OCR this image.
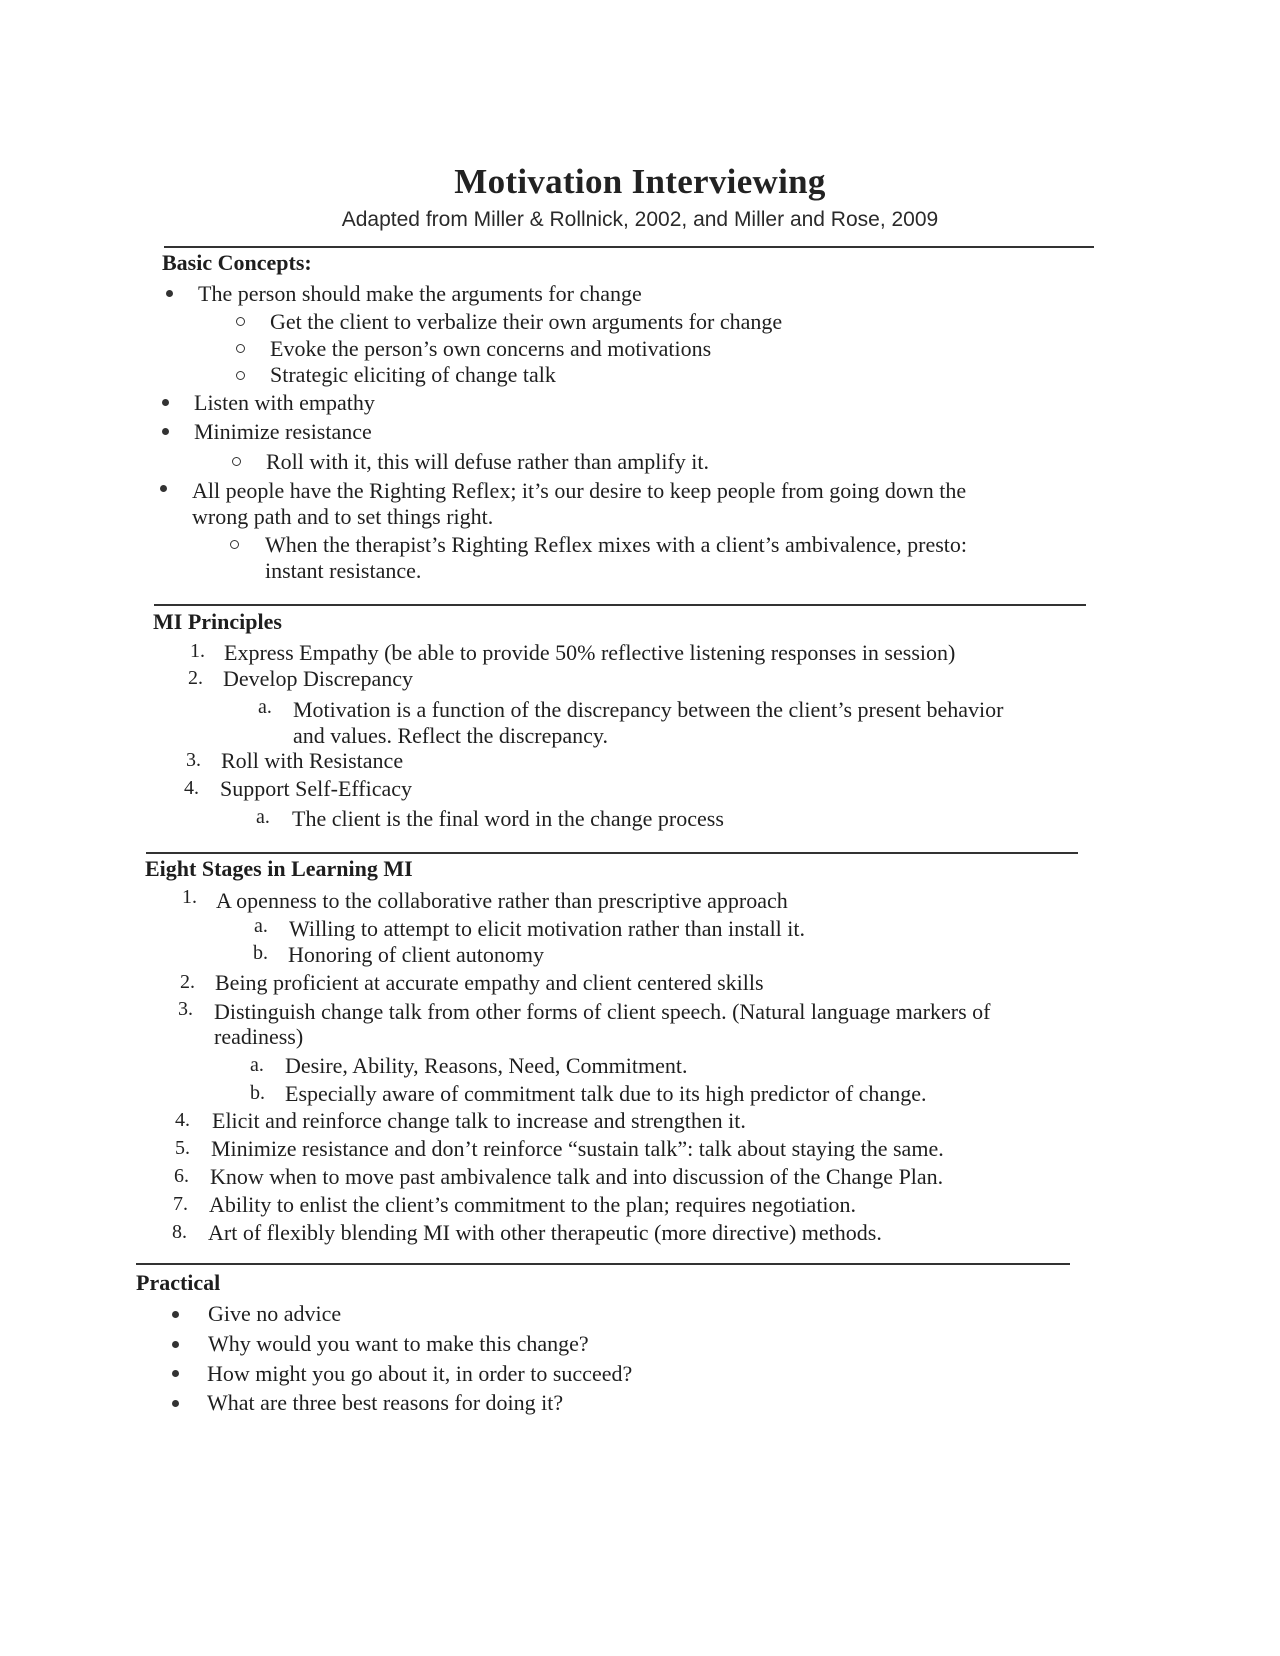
Motivation Interviewing
Adapted from Miller & Rollnick, 2002, and Miller and Rose, 2009
Basic Concepts:
The person should make the arguments for change
Get the client to verbalize their own arguments for change
Evoke the person’s own concerns and motivations
Strategic eliciting of change talk
Listen with empathy
Minimize resistance
Roll with it, this will defuse rather than amplify it.
All people have the Righting Reflex; it’s our desire to keep people from going down the
wrong path and to set things right.
When the therapist’s Righting Reflex mixes with a client’s ambivalence, presto:
instant resistance.
MI Principles
1. Express Empathy (be able to provide 50% reflective listening responses in session)
2. Develop Discrepancy
a. Motivation is a function of the discrepancy between the client’s present behavior
and values. Reflect the discrepancy.
3. Roll with Resistance
4. Support Self-Efficacy
a. The client is the final word in the change process
Eight Stages in Learning MI
1. A openness to the collaborative rather than prescriptive approach
a. Willing to attempt to elicit motivation rather than install it.
b. Honoring of client autonomy
2. Being proficient at accurate empathy and client centered skills
3. Distinguish change talk from other forms of client speech. (Natural language markers of
readiness)
a. Desire, Ability, Reasons, Need, Commitment.
b. Especially aware of commitment talk due to its high predictor of change.
4. Elicit and reinforce change talk to increase and strengthen it.
5. Minimize resistance and don’t reinforce “sustain talk”: talk about staying the same.
6. Know when to move past ambivalence talk and into discussion of the Change Plan.
7. Ability to enlist the client’s commitment to the plan; requires negotiation.
8. Art of flexibly blending MI with other therapeutic (more directive) methods.
Practical
Give no advice
Why would you want to make this change?
How might you go about it, in order to succeed?
What are three best reasons for doing it?
